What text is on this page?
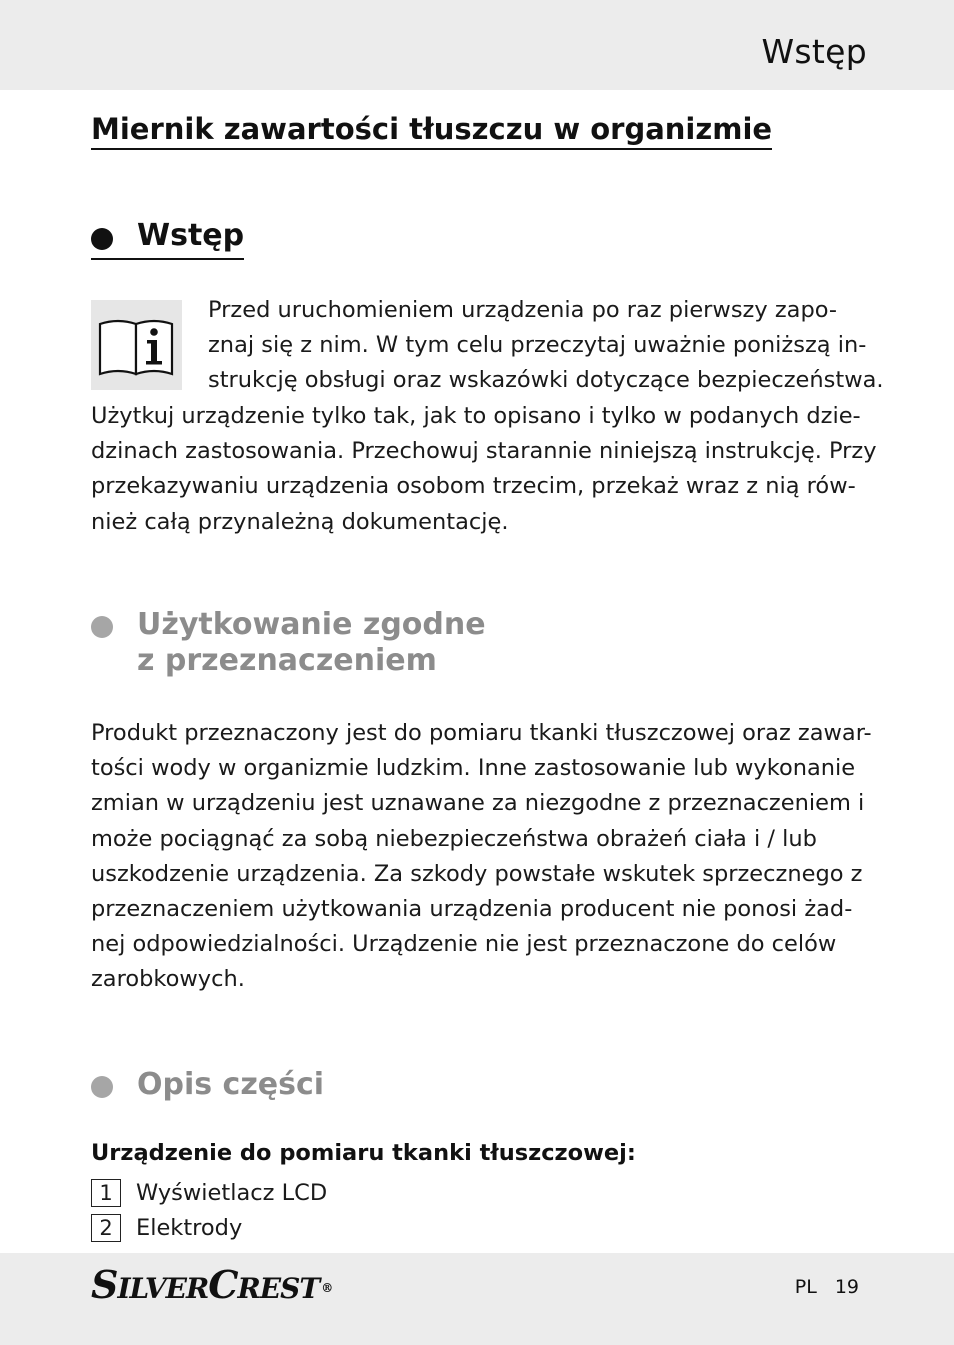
Wstęp
Miernik zawartości tłuszczu w organizmie
Wstęp
Przed uruchomieniem urządzenia po raz pierwszy zapo-
znaj się z nim. W tym celu przeczytaj uważnie poniższą in-
strukcję obsługi oraz wskazówki dotyczące bezpieczeństwa.
Użytkuj urządzenie tylko tak, jak to opisano i tylko w podanych dzie-
dzinach zastosowania. Przechowuj starannie niniejszą instrukcję. Przy
przekazywaniu urządzenia osobom trzecim, przekaż wraz z nią rów-
nież całą przynależną dokumentację.
Użytkowanie zgodne
z przeznaczeniem
Produkt przeznaczony jest do pomiaru tkanki tłuszczowej oraz zawar-
tości wody w organizmie ludzkim. Inne zastosowanie lub wykonanie
zmian w urządzeniu jest uznawane za niezgodne z przeznaczeniem i
może pociągnąć za sobą niebezpieczeństwa obrażeń ciała i / lub
uszkodzenie urządzenia. Za szkody powstałe wskutek sprzecznego z
przeznaczeniem użytkowania urządzenia producent nie ponosi żad-
nej odpowiedzialności. Urządzenie nie jest przeznaczone do celów
zarobkowych.
Opis części
Urządzenie do pomiaru tkanki tłuszczowej:
1	Wyświetlacz LCD
2	Elektrody
SILVERCREST ®	PL 19
